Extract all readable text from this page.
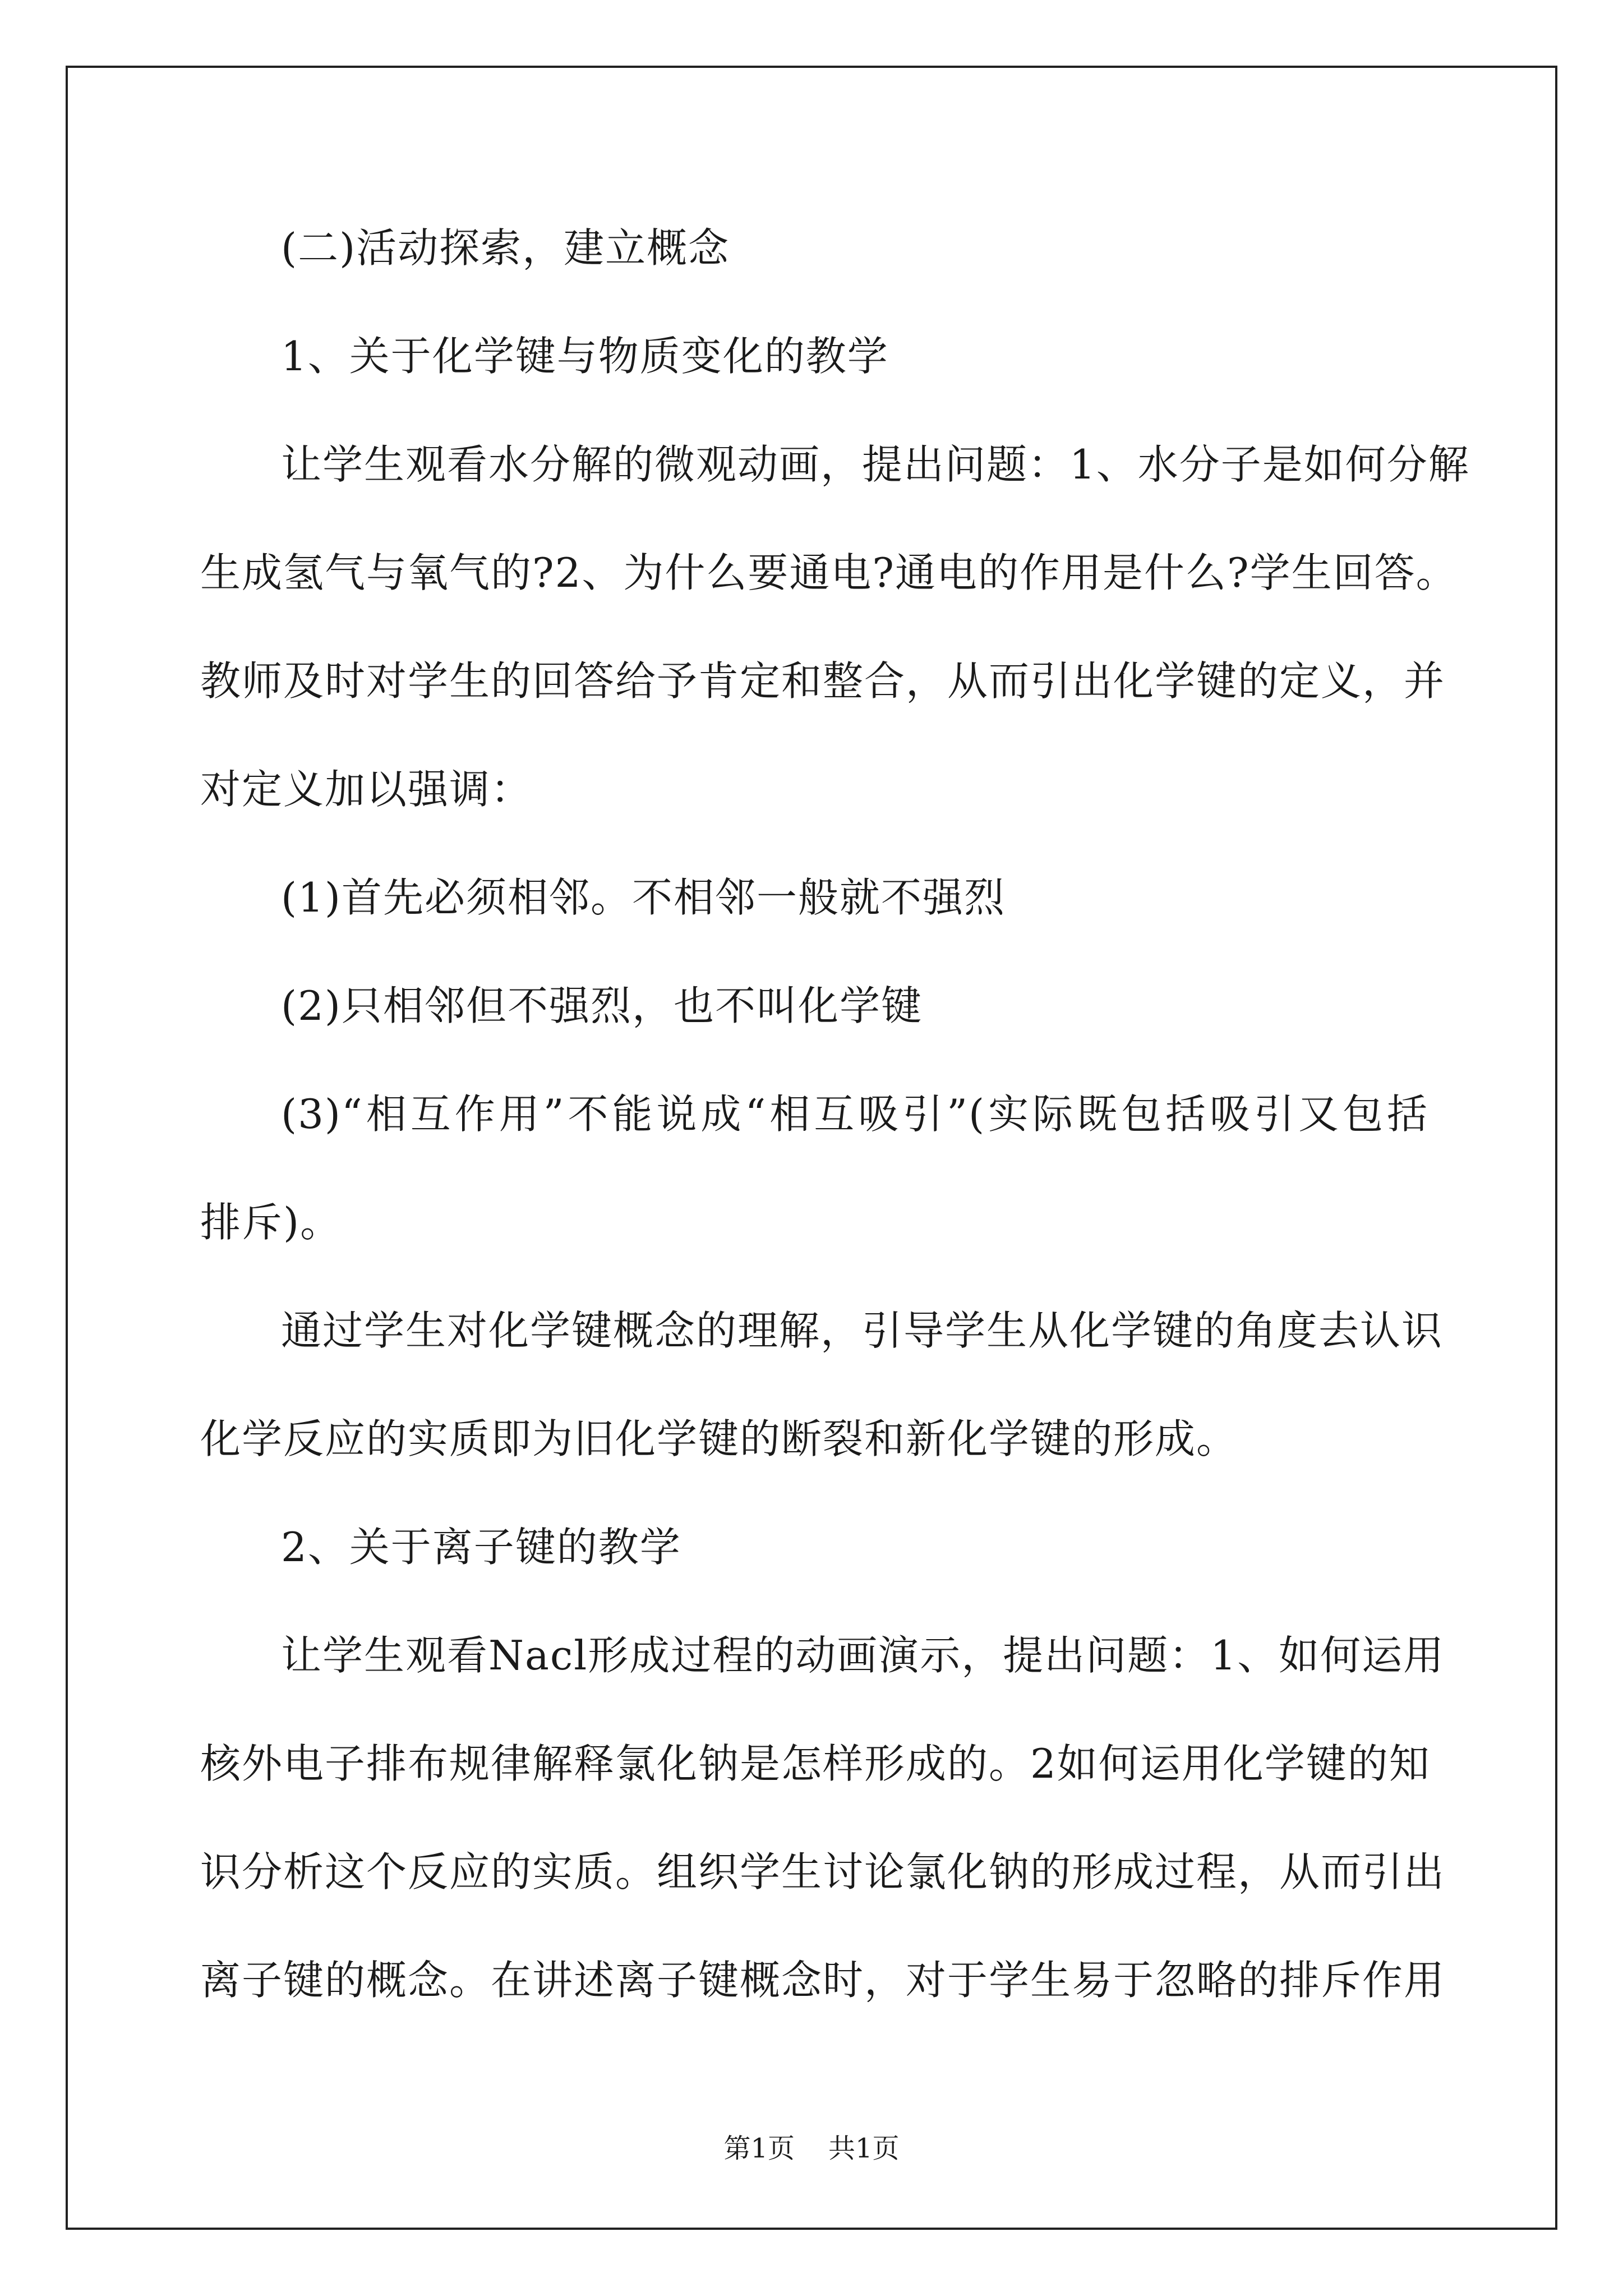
(二)活动探索，建立概念
1、关于化学键与物质变化的教学
让学生观看水分解的微观动画，提出问题：1、水分子是如何分解
生成氢气与氧气的?2、为什么要通电?通电的作用是什么?学生回答。
教师及时对学生的回答给予肯定和整合，从而引出化学键的定义，并
对定义加以强调：
(1)首先必须相邻。不相邻一般就不强烈
(2)只相邻但不强烈，也不叫化学键
(3)“相互作用”不能说成“相互吸引”(实际既包括吸引又包括
排斥)。
通过学生对化学键概念的理解，引导学生从化学键的角度去认识
化学反应的实质即为旧化学键的断裂和新化学键的形成。
2、关于离子键的教学
让学生观看Nacl形成过程的动画演示，提出问题：1、如何运用
核外电子排布规律解释氯化钠是怎样形成的。2如何运用化学键的知
识分析这个反应的实质。组织学生讨论氯化钠的形成过程，从而引出
离子键的概念。在讲述离子键概念时，对于学生易于忽略的排斥作用
第1页 共1页
